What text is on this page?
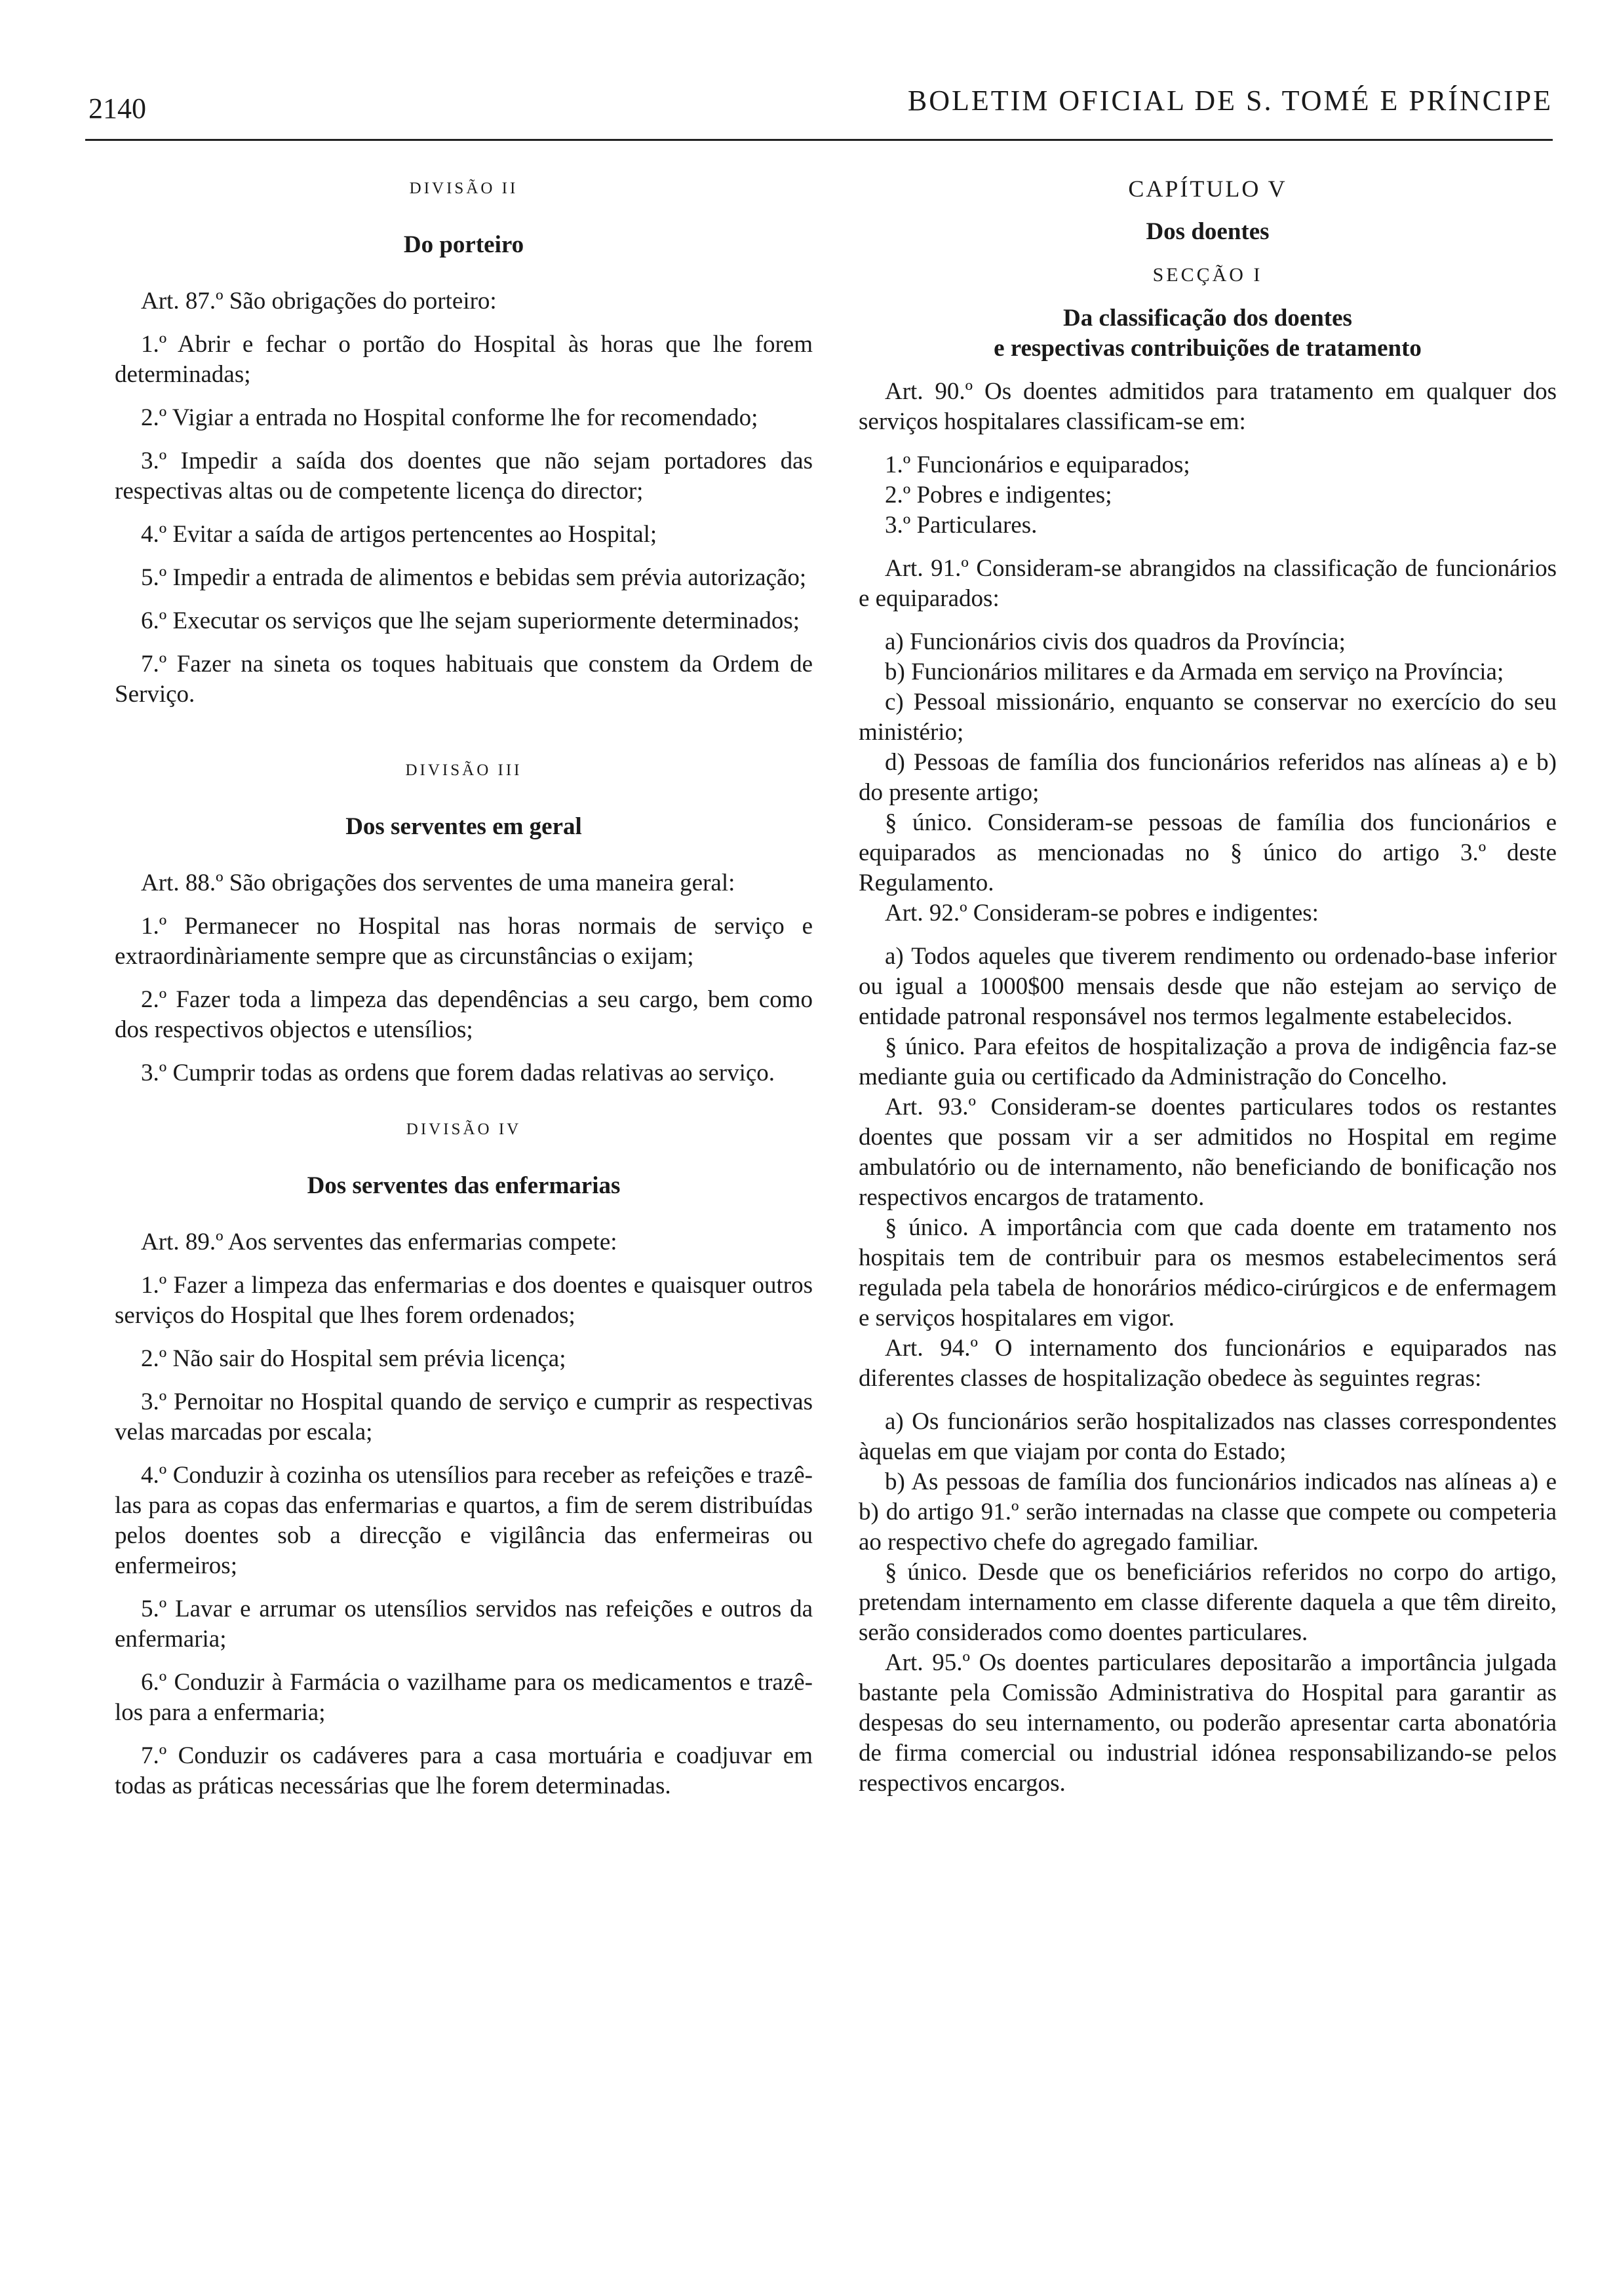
2140	BOLETIM OFICIAL DE S. TOMÉ E PRÍNCIPE

DIVISÃO II

Do porteiro

Art. 87.º São obrigações do porteiro:

1.º Abrir e fechar o portão do Hospital às horas que lhe forem determinadas;

2.º Vigiar a entrada no Hospital conforme lhe for recomendado;

3.º Impedir a saída dos doentes que não sejam portadores das respectivas altas ou de competente licença do director;

4.º Evitar a saída de artigos pertencentes ao Hospital;

5.º Impedir a entrada de alimentos e bebidas sem prévia autorização;

6.º Executar os serviços que lhe sejam superiormente determinados;

7.º Fazer na sineta os toques habituais que constem da Ordem de Serviço.

DIVISÃO III

Dos serventes em geral

Art. 88.º São obrigações dos serventes de uma maneira geral:

1.º Permanecer no Hospital nas horas normais de serviço e extraordinàriamente sempre que as circunstâncias o exijam;

2.º Fazer toda a limpeza das dependências a seu cargo, bem como dos respectivos objectos e utensílios;

3.º Cumprir todas as ordens que forem dadas relativas ao serviço.

DIVISÃO IV

Dos serventes das enfermarias

Art. 89.º Aos serventes das enfermarias compete:

1.º Fazer a limpeza das enfermarias e dos doentes e quaisquer outros serviços do Hospital que lhes forem ordenados;

2.º Não sair do Hospital sem prévia licença;

3.º Pernoitar no Hospital quando de serviço e cumprir as respectivas velas marcadas por escala;

4.º Conduzir à cozinha os utensílios para receber as refeições e trazê-las para as copas das enfermarias e quartos, a fim de serem distribuídas pelos doentes sob a direcção e vigilância das enfermeiras ou enfermeiros;

5.º Lavar e arrumar os utensílios servidos nas refeições e outros da enfermaria;

6.º Conduzir à Farmácia o vazilhame para os medicamentos e trazê-los para a enfermaria;

7.º Conduzir os cadáveres para a casa mortuária e coadjuvar em todas as práticas necessárias que lhe forem determinadas.

CAPÍTULO V

Dos doentes

SECÇÃO I

Da classificação dos doentes

e respectivas contribuições de tratamento

Art. 90.º Os doentes admitidos para tratamento em qualquer dos serviços hospitalares classificam-se em:

1.º Funcionários e equiparados;

2.º Pobres e indigentes;

3.º Particulares.

Art. 91.º Consideram-se abrangidos na classificação de funcionários e equiparados:

a) Funcionários civis dos quadros da Província;

b) Funcionários militares e da Armada em serviço na Província;

c) Pessoal missionário, enquanto se conservar no exercício do seu ministério;

d) Pessoas de família dos funcionários referidos nas alíneas a) e b) do presente artigo;

§ único. Consideram-se pessoas de família dos funcionários e equiparados as mencionadas no § único do artigo 3.º deste Regulamento.

Art. 92.º Consideram-se pobres e indigentes:

a) Todos aqueles que tiverem rendimento ou ordenado-base inferior ou igual a 1000$00 mensais desde que não estejam ao serviço de entidade patronal responsável nos termos legalmente estabelecidos.

§ único. Para efeitos de hospitalização a prova de indigência faz-se mediante guia ou certificado da Administração do Concelho.

Art. 93.º Consideram-se doentes particulares todos os restantes doentes que possam vir a ser admitidos no Hospital em regime ambulatório ou de internamento, não beneficiando de bonificação nos respectivos encargos de tratamento.

§ único. A importância com que cada doente em tratamento nos hospitais tem de contribuir para os mesmos estabelecimentos será regulada pela tabela de honorários médico-cirúrgicos e de enfermagem e serviços hospitalares em vigor.

Art. 94.º O internamento dos funcionários e equiparados nas diferentes classes de hospitalização obedece às seguintes regras:

a) Os funcionários serão hospitalizados nas classes correspondentes àquelas em que viajam por conta do Estado;

b) As pessoas de família dos funcionários indicados nas alíneas a) e b) do artigo 91.º serão internadas na classe que compete ou competeria ao respectivo chefe do agregado familiar.

§ único. Desde que os beneficiários referidos no corpo do artigo, pretendam internamento em classe diferente daquela a que têm direito, serão considerados como doentes particulares.

Art. 95.º Os doentes particulares depositarão a importância julgada bastante pela Comissão Administrativa do Hospital para garantir as despesas do seu internamento, ou poderão apresentar carta abonatória de firma comercial ou industrial idónea responsabilizando-se pelos respectivos encargos.
